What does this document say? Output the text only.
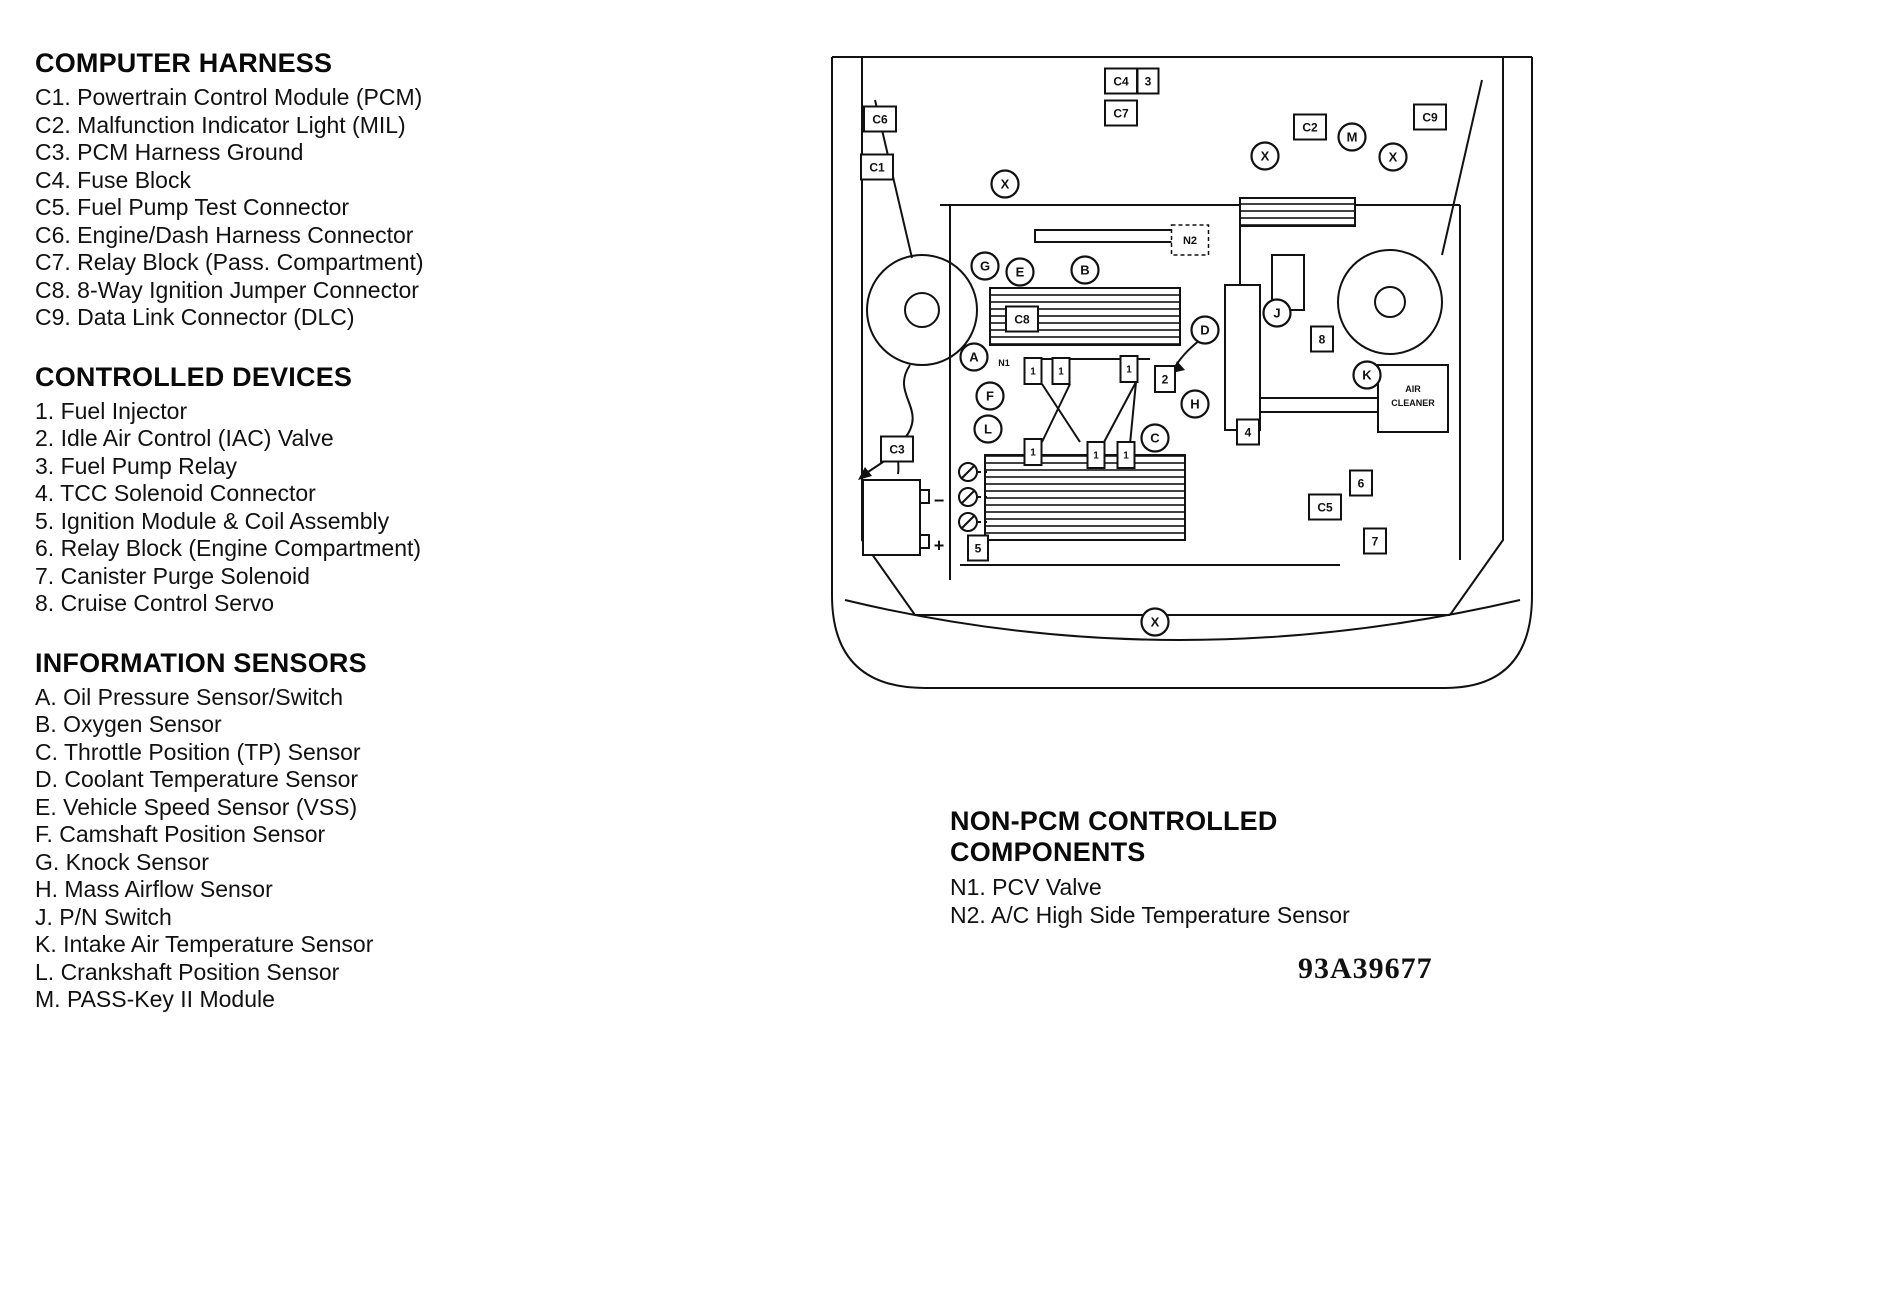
COMPUTER HARNESS
C1. Powertrain Control Module (PCM)
C2. Malfunction Indicator Light (MIL)
C3. PCM Harness Ground
C4. Fuse Block
C5. Fuel Pump Test Connector
C6. Engine/Dash Harness Connector
C7. Relay Block (Pass. Compartment)
C8. 8-Way Ignition Jumper Connector
C9. Data Link Connector (DLC)
CONTROLLED DEVICES
1. Fuel Injector
2. Idle Air Control (IAC) Valve
3. Fuel Pump Relay
4. TCC Solenoid Connector
5. Ignition Module & Coil Assembly
6. Relay Block (Engine Compartment)
7. Canister Purge Solenoid
8. Cruise Control Servo
INFORMATION SENSORS
A. Oil Pressure Sensor/Switch
B. Oxygen Sensor
C. Throttle Position (TP) Sensor
D. Coolant Temperature Sensor
E. Vehicle Speed Sensor (VSS)
F. Camshaft Position Sensor
G. Knock Sensor
H. Mass Airflow Sensor
J. P/N Switch
K. Intake Air Temperature Sensor
L. Crankshaft Position Sensor
M. PASS-Key II Module
NON-PCM CONTROLLED COMPONENTS
N1. PCV Valve
N2. A/C High Side Temperature Sensor
93A39677
AIR
CLEANER
C6
C1
C4 3
C7
C2
C9
N2
C8
C3
C5
8
2
4
6
7
5
1 1	1
1	1 1
X
X
M
X
G E	B
A
F
L
D
H
J
C
K
X
N1
−
+
